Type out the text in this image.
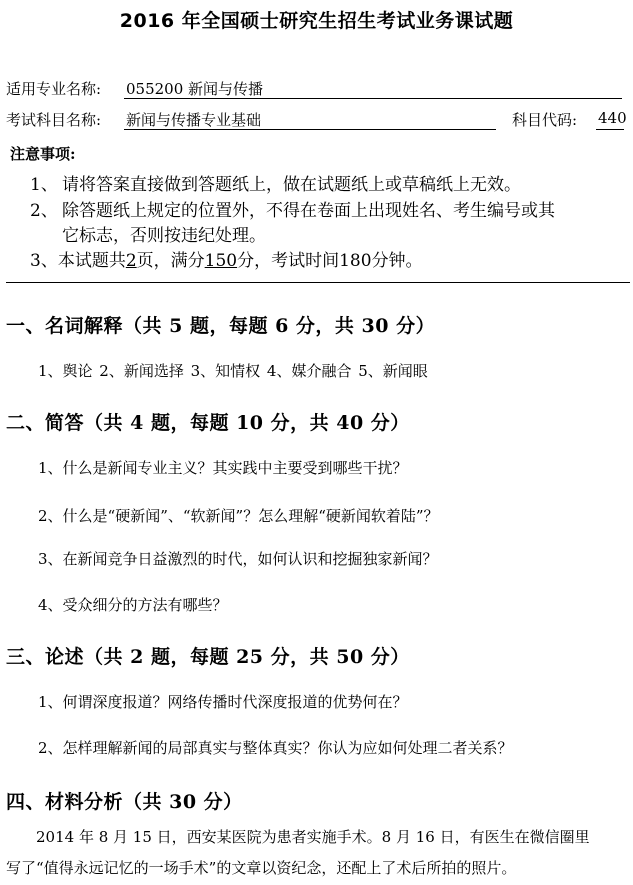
2016 年全国硕士研究生招生考试业务课试题
适用专业名称: 055200 新闻与传播
考试科目名称: 新闻与传播专业基础	科目代码: 440
注意事项:
1、 请将答案直接做到答题纸上，做在试题纸上或草稿纸上无效。
2、 除答题纸上规定的位置外，不得在卷面上出现姓名、考生编号或其
它标志，否则按违纪处理。
3、本试题共2页，满分150分，考试时间180分钟。
一、名词解释（共 5 题，每题 6 分，共 30 分）
1、舆论 2、新闻选择 3、知情权 4、媒介融合 5、新闻眼
二、简答（共 4 题，每题 10 分，共 40 分）
1、什么是新闻专业主义？其实践中主要受到哪些干扰？
2、什么是“硬新闻”、“软新闻”？怎么理解“硬新闻软着陆”？
3、在新闻竞争日益激烈的时代，如何认识和挖掘独家新闻？
4、受众细分的方法有哪些？
三、论述（共 2 题，每题 25 分，共 50 分）
1、何谓深度报道？网络传播时代深度报道的优势何在？
2、怎样理解新闻的局部真实与整体真实？你认为应如何处理二者关系？
四、材料分析（共 30 分）
2014 年 8 月 15 日，西安某医院为患者实施手术。8 月 16 日，有医生在微信圈里
写了“值得永远记忆的一场手术”的文章以资纪念，还配上了术后所拍的照片。
